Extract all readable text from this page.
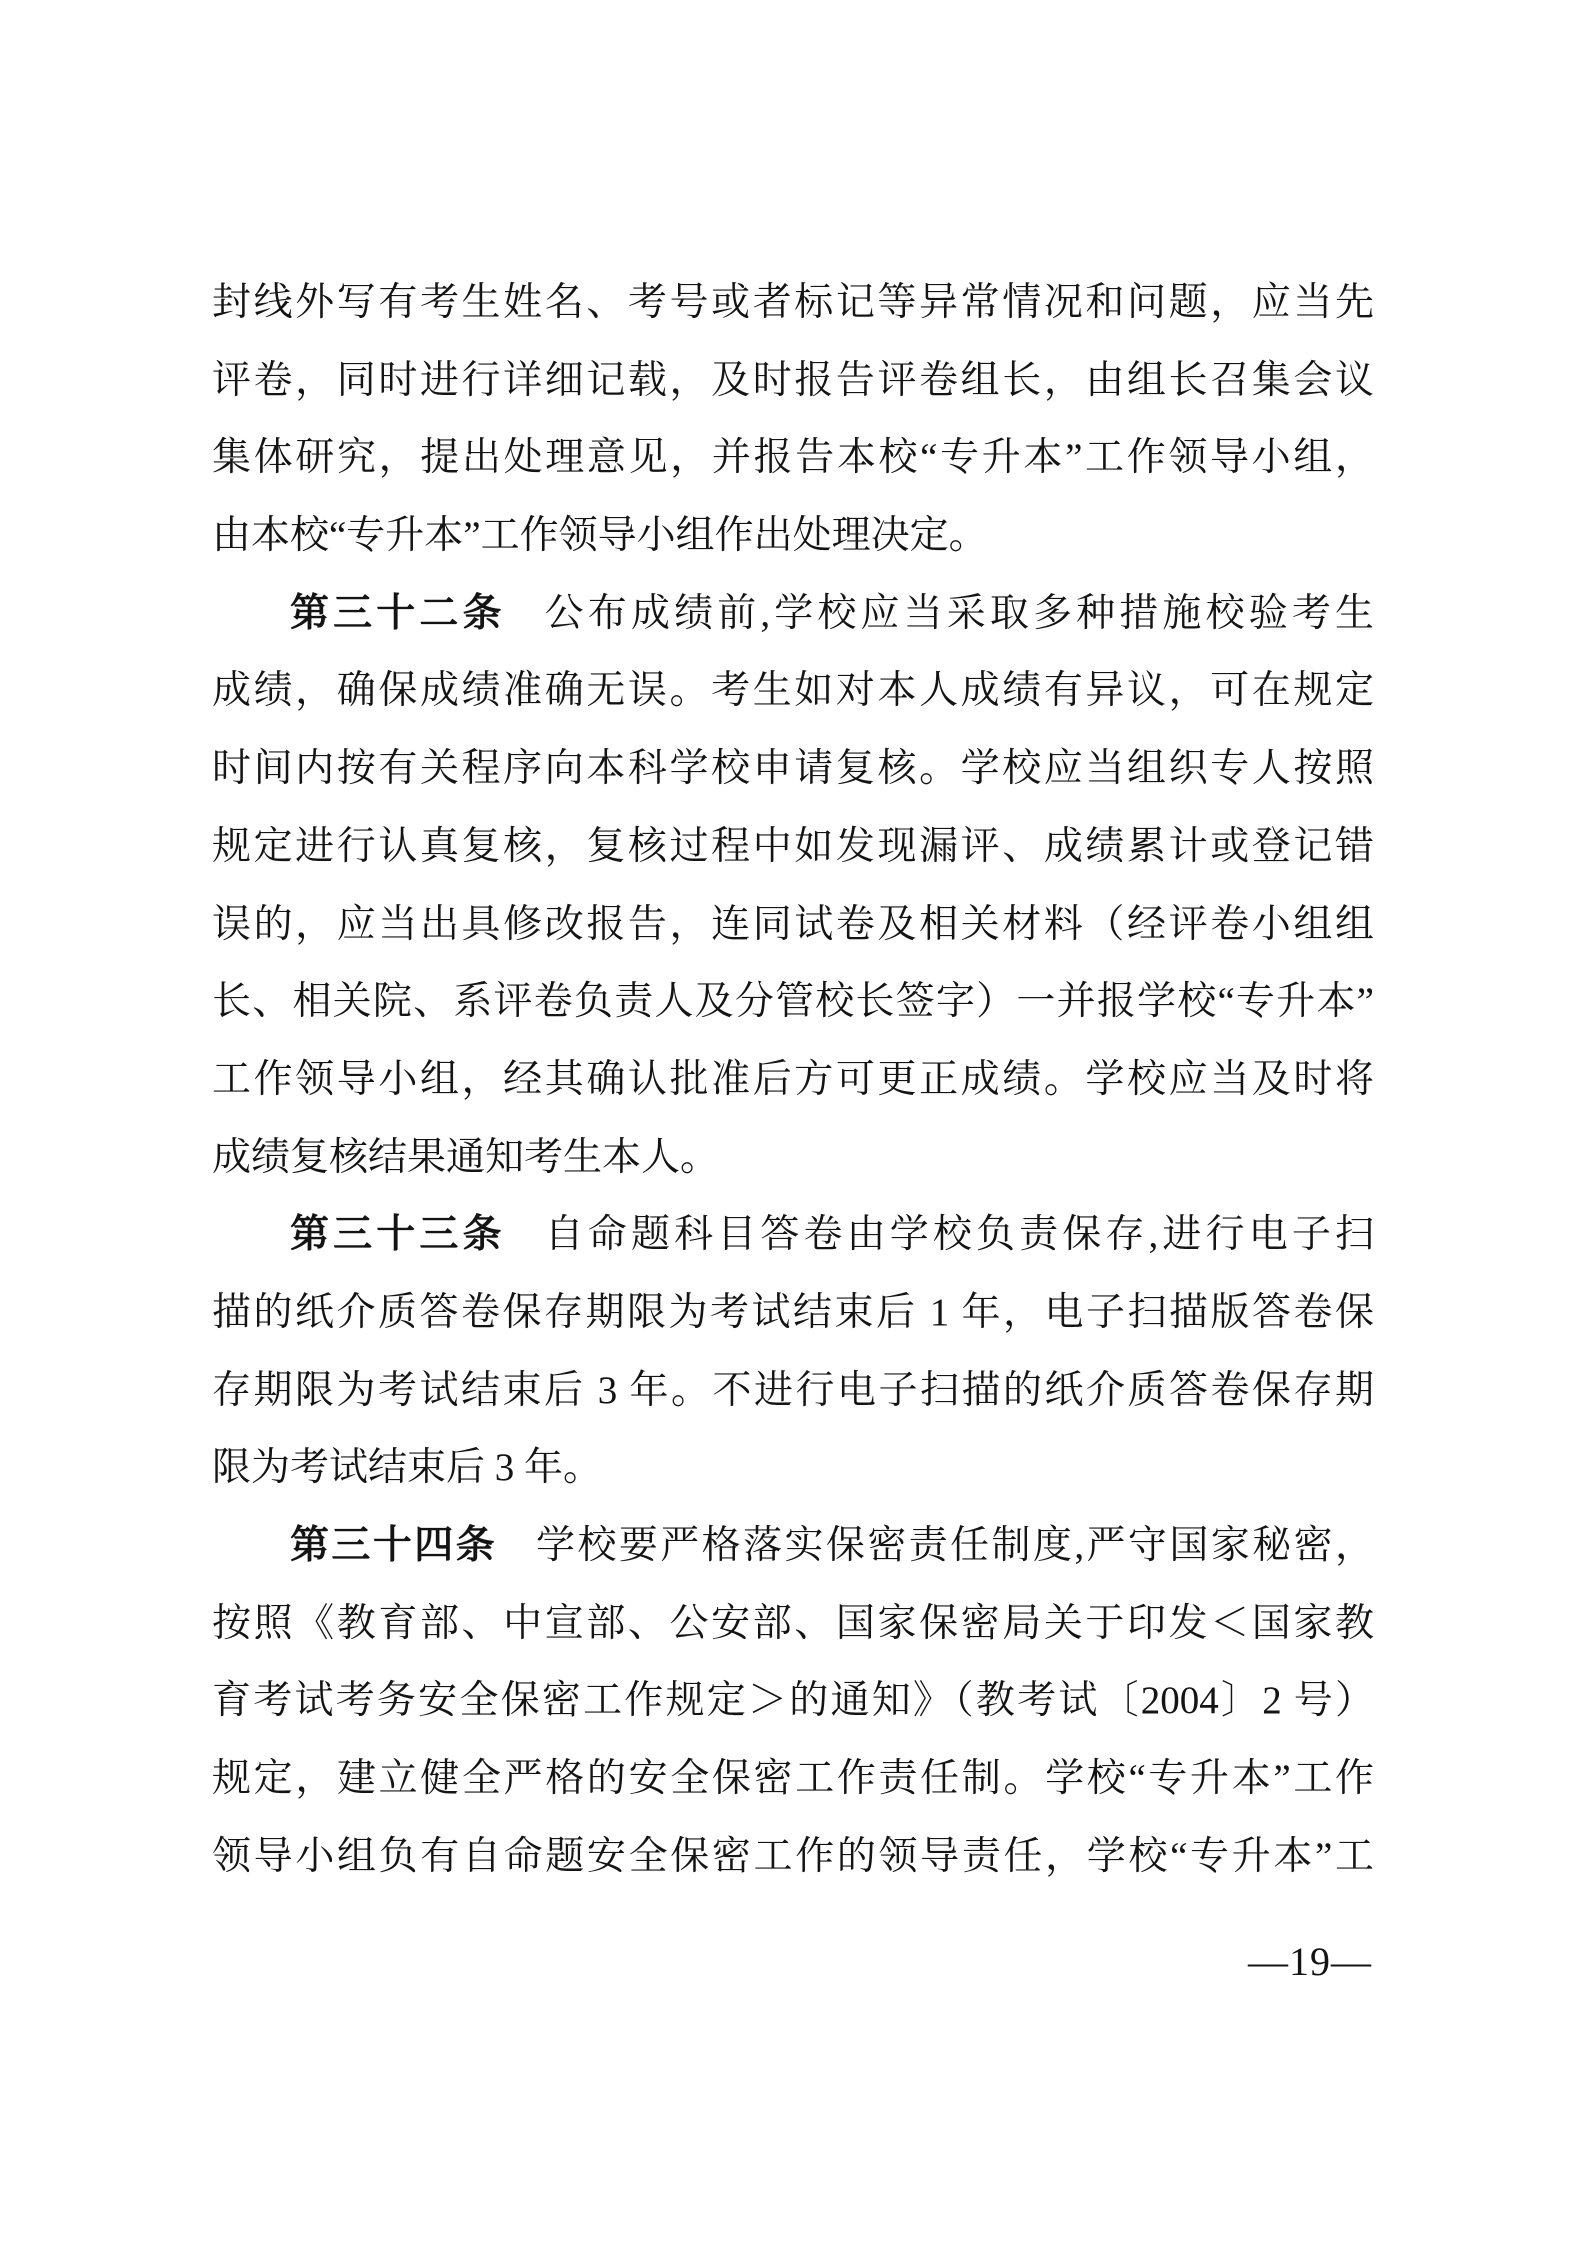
封线外写有考生姓名、考号或者标记等异常情况和问题，应当先
评卷，同时进行详细记载，及时报告评卷组长，由组长召集会议
集体研究，提出处理意见，并报告本校“专升本”工作领导小组，
由本校“专升本”工作领导小组作出处理决定。
第三十二条 公布成绩前,学校应当采取多种措施校验考生
成绩，确保成绩准确无误。考生如对本人成绩有异议，可在规定
时间内按有关程序向本科学校申请复核。学校应当组织专人按照
规定进行认真复核，复核过程中如发现漏评、成绩累计或登记错
误的，应当出具修改报告，连同试卷及相关材料（经评卷小组组
长、相关院、系评卷负责人及分管校长签字）一并报学校“专升本”
工作领导小组，经其确认批准后方可更正成绩。学校应当及时将
成绩复核结果通知考生本人。
第三十三条 自命题科目答卷由学校负责保存,进行电子扫
描的纸介质答卷保存期限为考试结束后 1 年，电子扫描版答卷保
存期限为考试结束后 3 年。不进行电子扫描的纸介质答卷保存期
限为考试结束后 3 年。
第三十四条 学校要严格落实保密责任制度,严守国家秘密，
按照《教育部、中宣部、公安部、国家保密局关于印发＜国家教
育考试考务安全保密工作规定＞的通知》（教考试〔2004〕2 号）
规定，建立健全严格的安全保密工作责任制。学校“专升本”工作
领导小组负有自命题安全保密工作的领导责任，学校“专升本”工
—19—
